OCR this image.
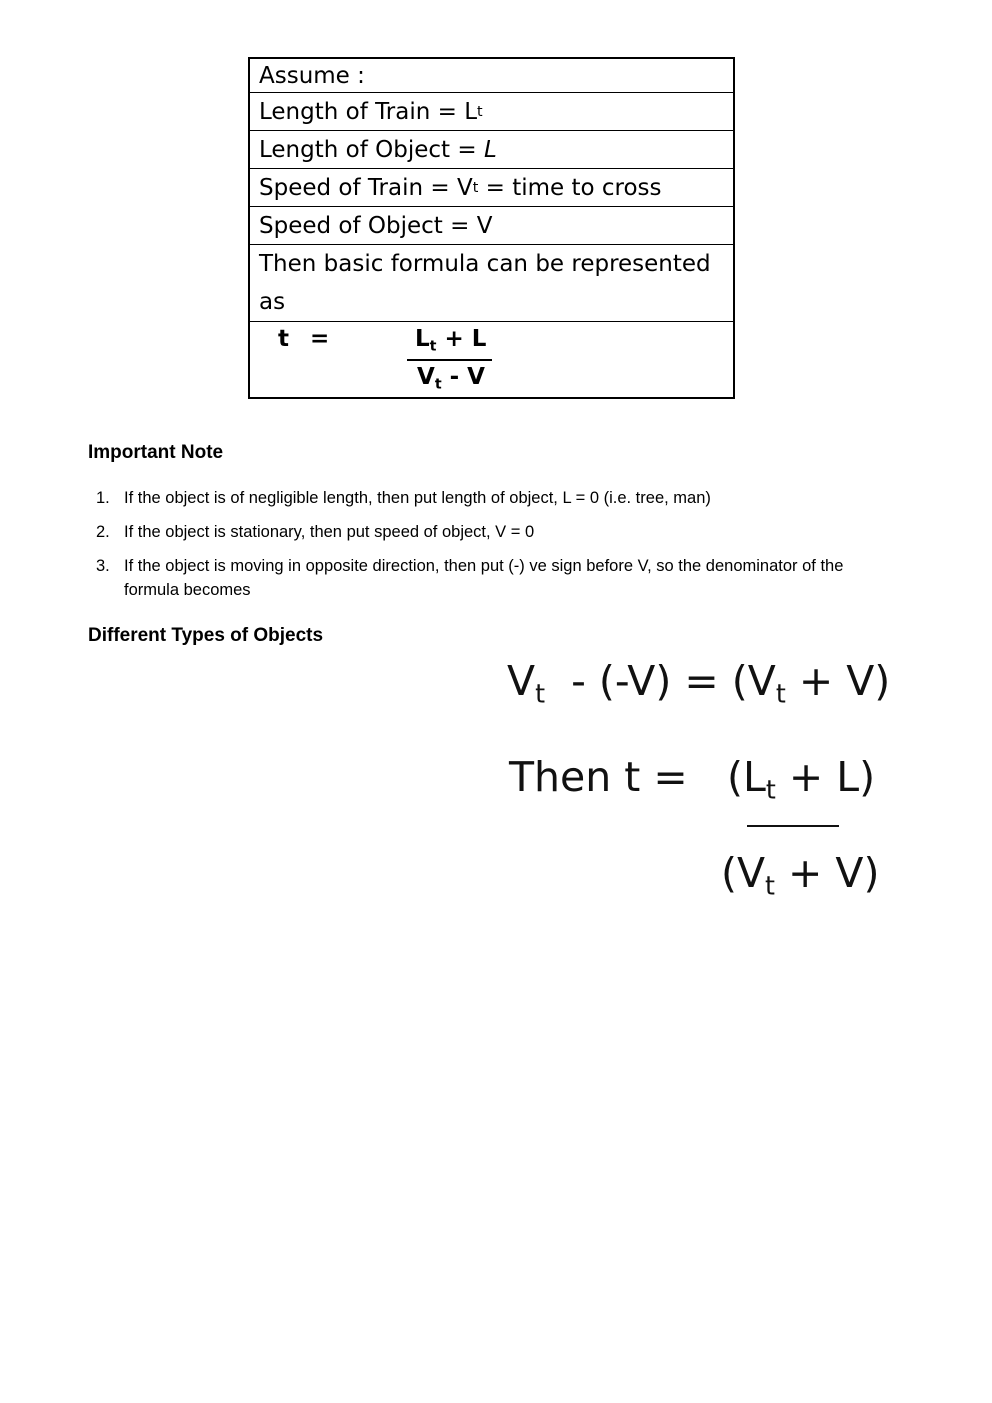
Assume :
Length of Train = L t
Length of Object = L
Speed of Train = V t = time to cross
Speed of Object = V
Then basic formula can be represented as
t =	$L_t + L$
$V_t$ - V
Important Note
1. If the object is of negligible length, then put length of object, L = 0 (i.e. tree, man)
2. If the object is stationary, then put speed of object, V = 0
3. If the object is moving in opposite direction, then put (-) ve sign before V, so the denominator of the formula becomes
Different Types of Objects
$V_t - (-V) = (V_t + V)$
Then $t = (L_t + L)$
$(V_t + V)$
